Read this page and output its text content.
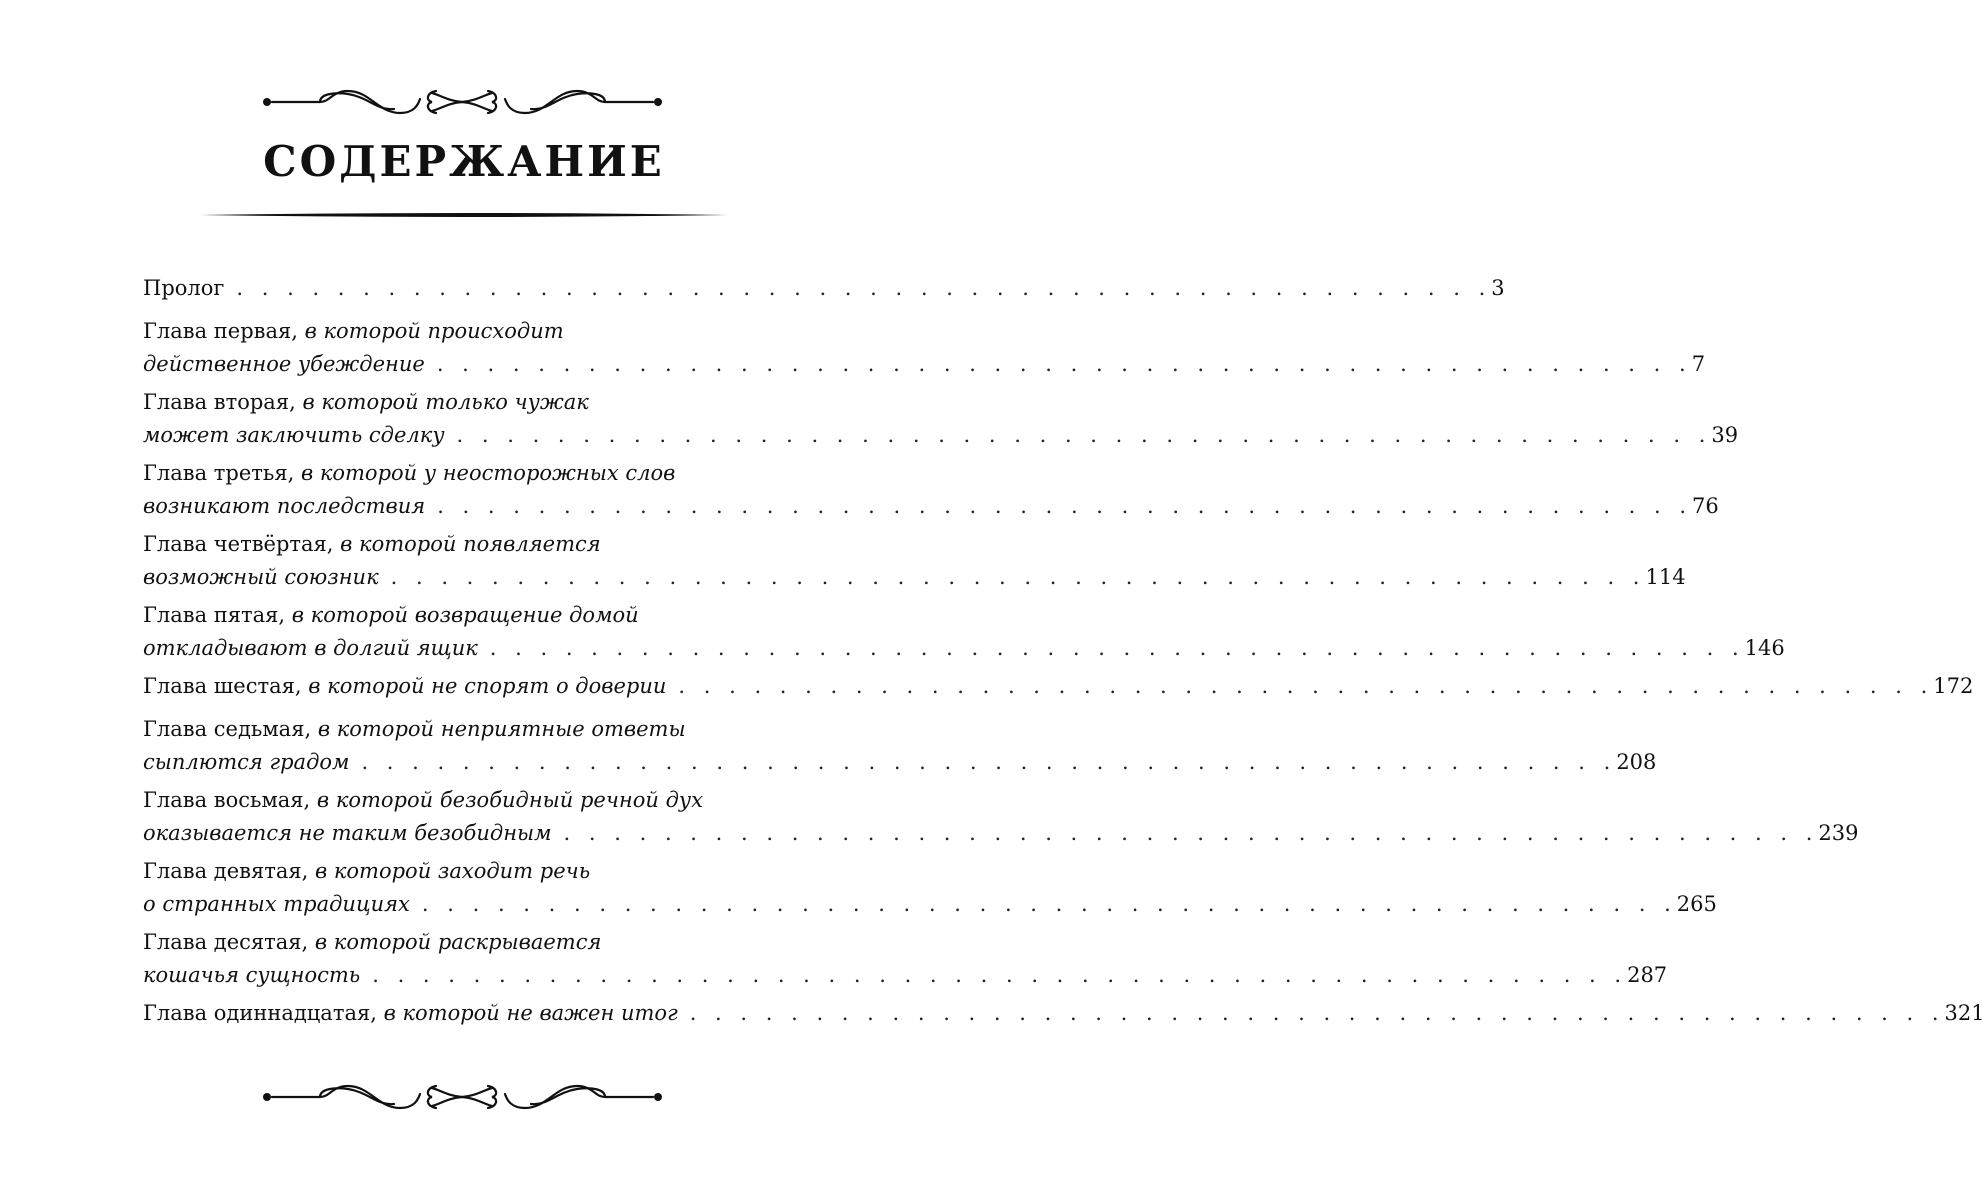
СОДЕРЖАНИЕ
Пролог . . . . . . . . . . . . . . . . . . . . . . . . . . . . . . . . . . . . . . . . . . . . . . . . . . 3
Глава первая,
в которой происходит
действенное убеждение . . . . . . . . . . . . . . . . . . . . . . . . . . . . . . . . . . . . . . . . . . . . . . . . . . 7
Глава вторая,
в которой только чужак
может заключить сделку . . . . . . . . . . . . . . . . . . . . . . . . . . . . . . . . . . . . . . . . . . . . . . . . . . 39
Глава третья,
в которой у неосторожных слов
возникают последствия . . . . . . . . . . . . . . . . . . . . . . . . . . . . . . . . . . . . . . . . . . . . . . . . . . 76
Глава четвёртая,
в которой появляется
возможный союзник . . . . . . . . . . . . . . . . . . . . . . . . . . . . . . . . . . . . . . . . . . . . . . . . . . 114
Глава пятая,
в которой возвращение домой
откладывают в долгий ящик . . . . . . . . . . . . . . . . . . . . . . . . . . . . . . . . . . . . . . . . . . . . . . . . . . 146
Глава шестая,
в которой не спорят о доверии . . . . . . . . . . . . . . . . . . . . . . . . . . . . . . . . . . . . . . . . . . . . . . . . . . 172
Глава седьмая,
в которой неприятные ответы
сыплются градом . . . . . . . . . . . . . . . . . . . . . . . . . . . . . . . . . . . . . . . . . . . . . . . . . . 208
Глава восьмая,
в которой безобидный речной дух
оказывается не таким безобидным . . . . . . . . . . . . . . . . . . . . . . . . . . . . . . . . . . . . . . . . . . . . . . . . . . 239
Глава девятая,
в которой заходит речь
о странных традициях . . . . . . . . . . . . . . . . . . . . . . . . . . . . . . . . . . . . . . . . . . . . . . . . . . 265
Глава десятая,
в которой раскрывается
кошачья сущность . . . . . . . . . . . . . . . . . . . . . . . . . . . . . . . . . . . . . . . . . . . . . . . . . . 287
Глава одиннадцатая,
в которой не важен итог . . . . . . . . . . . . . . . . . . . . . . . . . . . . . . . . . . . . . . . . . . . . . . . . . . 321
